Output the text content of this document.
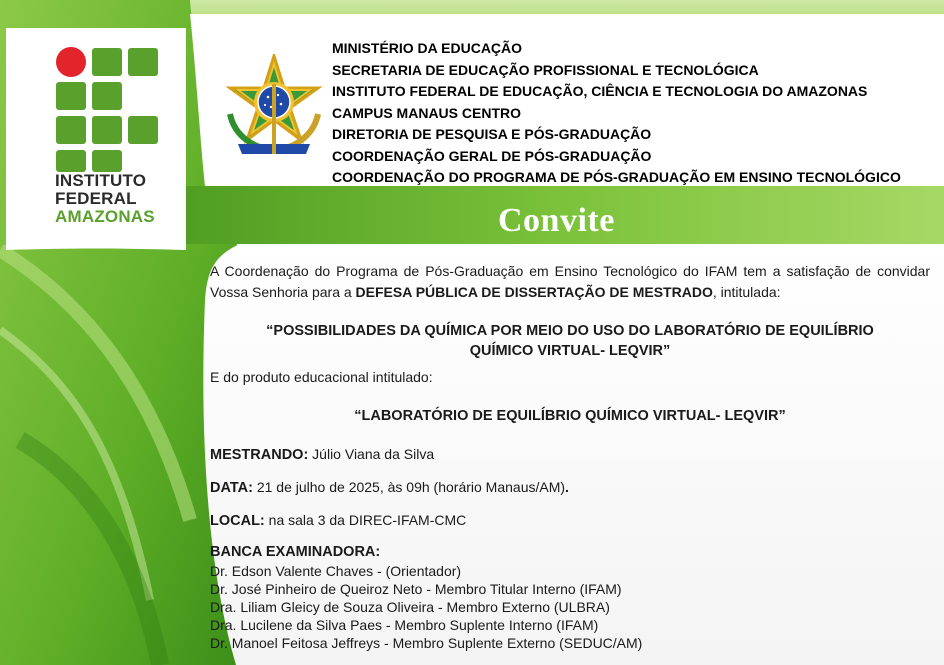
INSTITUTO
FEDERAL
AMAZONAS
MINISTÉRIO DA EDUCAÇÃO
SECRETARIA DE EDUCAÇÃO PROFISSIONAL E TECNOLÓGICA
INSTITUTO FEDERAL DE EDUCAÇÃO, CIÊNCIA E TECNOLOGIA DO AMAZONAS
CAMPUS MANAUS CENTRO
DIRETORIA DE PESQUISA E PÓS-GRADUAÇÃO
COORDENAÇÃO GERAL DE PÓS-GRADUAÇÃO
COORDENAÇÃO DO PROGRAMA DE PÓS-GRADUAÇÃO EM ENSINO TECNOLÓGICO
Convite

A Coordenação do Programa de Pós-Graduação em Ensino Tecnológico do IFAM tem a satisfação de convidar Vossa Senhoria para a DEFESA PÚBLICA DE DISSERTAÇÃO DE MESTRADO, intitulada:

“POSSIBILIDADES DA QUÍMICA POR MEIO DO USO DO LABORATÓRIO DE EQUILÍBRIO
QUÍMICO VIRTUAL- LEQVIR”

E do produto educacional intitulado:

“LABORATÓRIO DE EQUILÍBRIO QUÍMICO VIRTUAL- LEQVIR”
MESTRANDO: Júlio Viana da Silva
DATA: 21 de julho de 2025, às 09h (horário Manaus/AM).
LOCAL: na sala 3 da DIREC-IFAM-CMC
BANCA EXAMINADORA:
Dr. Edson Valente Chaves - (Orientador)
Dr. José Pinheiro de Queiroz Neto - Membro Titular Interno (IFAM)
Dra. Liliam Gleicy de Souza Oliveira - Membro Externo (ULBRA)
Dra. Lucilene da Silva Paes - Membro Suplente Interno (IFAM)
Dr. Manoel Feitosa Jeffreys - Membro Suplente Externo (SEDUC/AM)
